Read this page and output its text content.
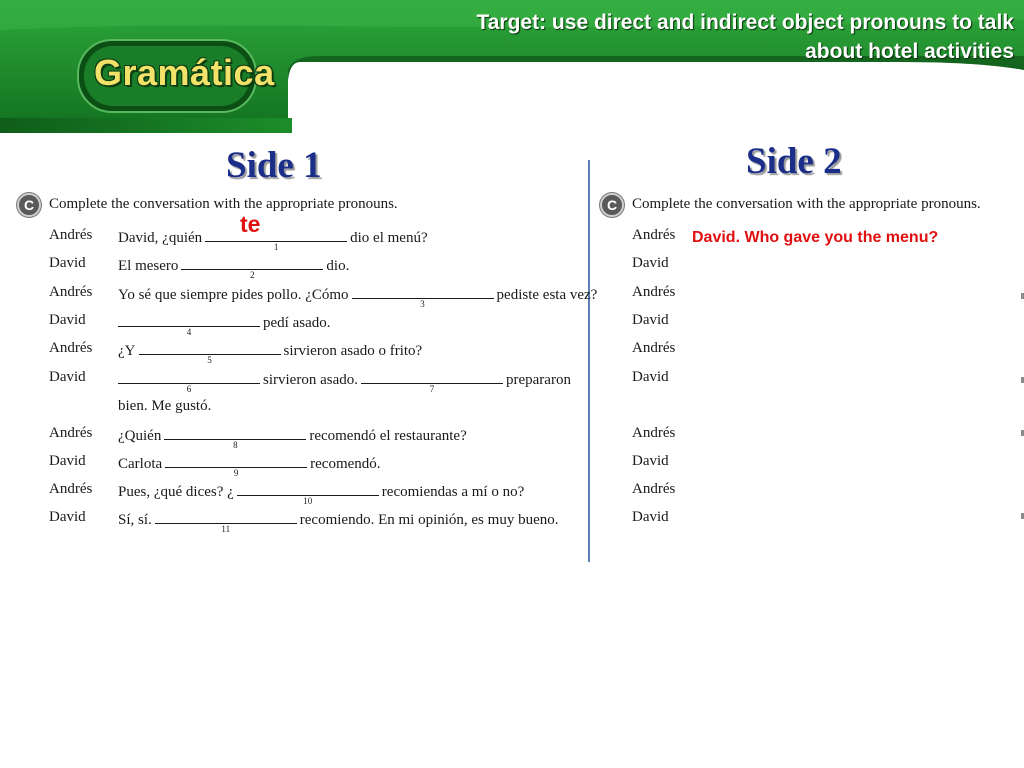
Gramática
Target: use direct and indirect object pronouns to talk
about hotel activities
Side 1	Side 2
C Complete the conversation with the appropriate pronouns.
Andrés David, ¿quién
1
dio el menú?
te
David El mesero
2
dio.
Andrés Yo sé que siempre pides pollo. ¿Cómo
3
pediste esta vez?
David
4
pedí asado.
Andrés ¿Y
5
sirvieron asado o frito?
David
6
sirvieron asado.
7
prepararon
bien. Me gustó.
Andrés ¿Quién
8
recomendó el restaurante?
David Carlota
9
recomendó.
Andrés Pues, ¿qué dices? ¿
10
recomiendas a mí o no?
David Sí, sí.
11
recomiendo. En mi opinión, es muy bueno.
C Complete the conversation with the appropriate pronouns.
David. Who gave you the menu?
Andrés
David
Andrés
David
Andrés
David
Andrés
David
Andrés
David
